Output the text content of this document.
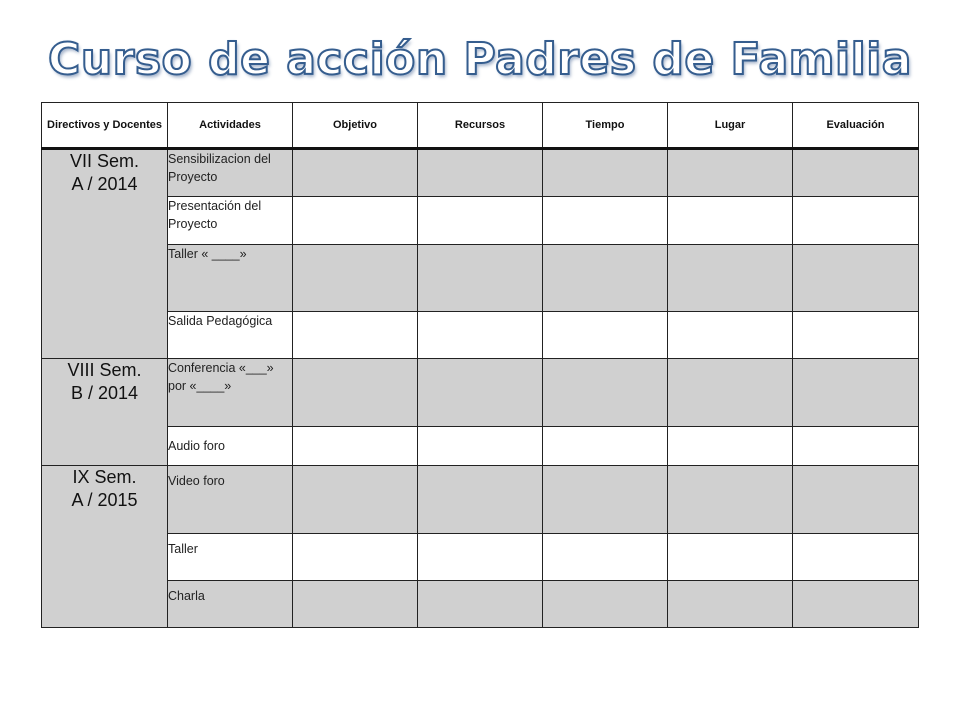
Curso de acción Padres de Familia
Directivos y Docentes	Actividades	Objetivo	Recursos	Tiempo	Lugar	Evaluación

VII Sem.
A / 2014	Sensibilizacion del Proyecto					
	Presentación del Proyecto					
	Taller « ____»					
	Salida Pedagógica					

VIII Sem.
B / 2014	Conferencia «___» por «____»					
	Audio foro					

IX Sem.
A / 2015	Video foro					
	Taller					
	Charla					
